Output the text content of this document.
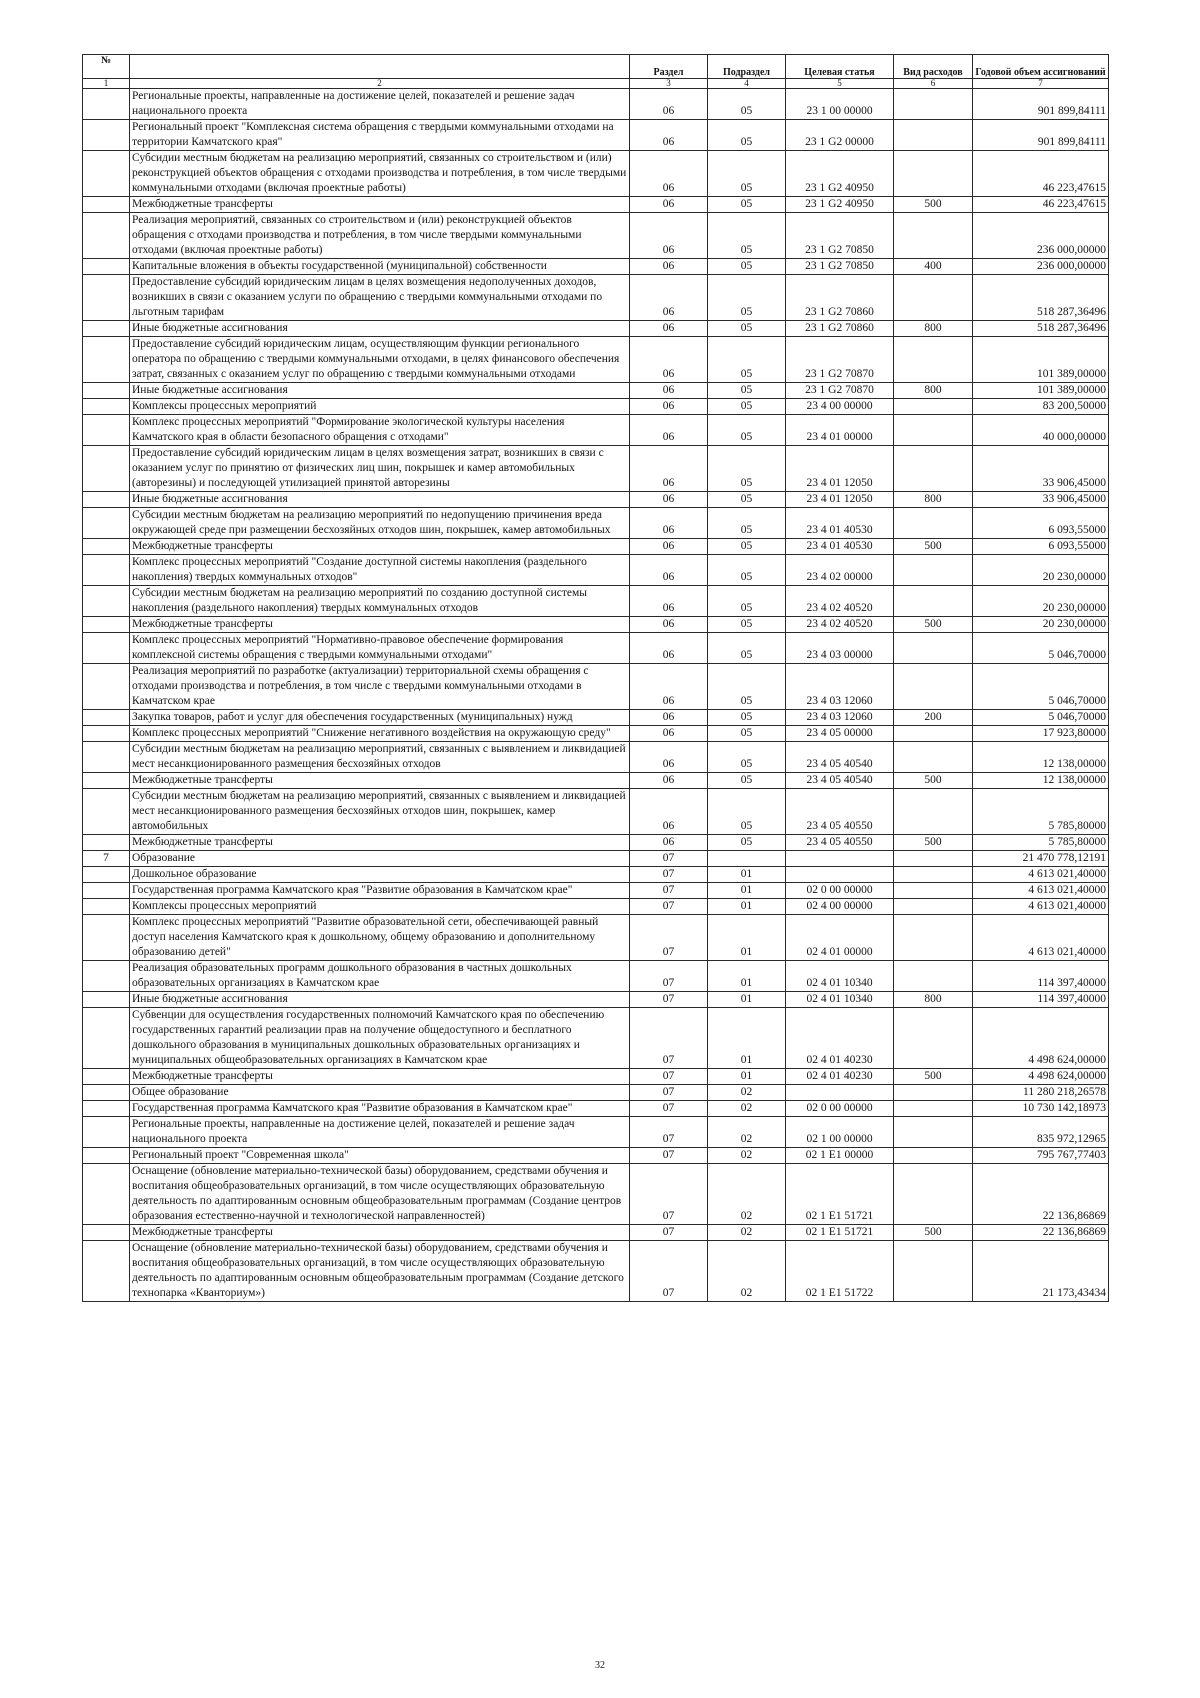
№		Раздел	Подраздел	Целевая статья	Вид расходов	Годовой объем ассигнований
1	2	3	4	5	6	7
	Региональные проекты, направленные на достижение целей, показателей и решение задач национального проекта	06	05	23 1 00 00000		901 899,84111
	Региональный проект "Комплексная система обращения с твердыми коммунальными отходами на территории Камчатского края"	06	05	23 1 G2 00000		901 899,84111
	Субсидии местным бюджетам на реализацию мероприятий, связанных со строительством и (или) реконструкцией объектов обращения с отходами производства и потребления, в том числе твердыми коммунальными отходами (включая проектные работы)	06	05	23 1 G2 40950		46 223,47615
	Межбюджетные трансферты	06	05	23 1 G2 40950	500	46 223,47615
	Реализация мероприятий, связанных со строительством и (или) реконструкцией объектов обращения с отходами производства и потребления, в том числе твердыми коммунальными отходами (включая проектные работы)	06	05	23 1 G2 70850		236 000,00000
	Капитальные вложения в объекты государственной (муниципальной) собственности	06	05	23 1 G2 70850	400	236 000,00000
	Предоставление субсидий юридическим лицам в целях возмещения недополученных доходов, возникших в связи с оказанием услуги по обращению с твердыми коммунальными отходами по льготным тарифам	06	05	23 1 G2 70860		518 287,36496
	Иные бюджетные ассигнования	06	05	23 1 G2 70860	800	518 287,36496
	Предоставление субсидий юридическим лицам, осуществляющим функции регионального оператора по обращению с твердыми коммунальными отходами, в целях финансового обеспечения затрат, связанных с оказанием услуг по обращению с твердыми коммунальными отходами	06	05	23 1 G2 70870		101 389,00000
	Иные бюджетные ассигнования	06	05	23 1 G2 70870	800	101 389,00000
	Комплексы процессных мероприятий	06	05	23 4 00 00000		83 200,50000
	Комплекс процессных мероприятий "Формирование экологической культуры населения Камчатского края в области безопасного обращения с отходами"	06	05	23 4 01 00000		40 000,00000
	Предоставление субсидий юридическим лицам в целях возмещения затрат, возникших в связи с оказанием услуг по принятию от физических лиц шин, покрышек и камер автомобильных (авторезины) и последующей утилизацией принятой авторезины	06	05	23 4 01 12050		33 906,45000
	Иные бюджетные ассигнования	06	05	23 4 01 12050	800	33 906,45000
	Субсидии местным бюджетам на реализацию мероприятий по недопущению причинения вреда окружающей среде при размещении бесхозяйных отходов шин, покрышек, камер автомобильных	06	05	23 4 01 40530		6 093,55000
	Межбюджетные трансферты	06	05	23 4 01 40530	500	6 093,55000
	Комплекс процессных мероприятий "Создание доступной системы накопления (раздельного накопления) твердых коммунальных отходов"	06	05	23 4 02 00000		20 230,00000
	Субсидии местным бюджетам на реализацию мероприятий по созданию доступной системы накопления (раздельного накопления) твердых коммунальных отходов	06	05	23 4 02 40520		20 230,00000
	Межбюджетные трансферты	06	05	23 4 02 40520	500	20 230,00000
	Комплекс процессных мероприятий "Нормативно-правовое обеспечение формирования комплексной системы обращения с твердыми коммунальными отходами"	06	05	23 4 03 00000		5 046,70000
	Реализация мероприятий по разработке (актуализации) территориальной схемы обращения с отходами производства и потребления, в том числе с твердыми коммунальными отходами в Камчатском крае	06	05	23 4 03 12060		5 046,70000
	Закупка товаров, работ и услуг для обеспечения государственных (муниципальных) нужд	06	05	23 4 03 12060	200	5 046,70000
	Комплекс процессных мероприятий "Снижение негативного воздействия на окружающую среду"	06	05	23 4 05 00000		17 923,80000
	Субсидии местным бюджетам на реализацию мероприятий, связанных с выявлением и ликвидацией мест несанкционированного размещения бесхозяйных отходов	06	05	23 4 05 40540		12 138,00000
	Межбюджетные трансферты	06	05	23 4 05 40540	500	12 138,00000
	Субсидии местным бюджетам на реализацию мероприятий, связанных с выявлением и ликвидацией мест несанкционированного размещения бесхозяйных отходов шин, покрышек, камер автомобильных	06	05	23 4 05 40550		5 785,80000
	Межбюджетные трансферты	06	05	23 4 05 40550	500	5 785,80000
7	Образование	07				21 470 778,12191
	Дошкольное образование	07	01			4 613 021,40000
	Государственная программа Камчатского края "Развитие образования в Камчатском крае"	07	01	02 0 00 00000		4 613 021,40000
	Комплексы процессных мероприятий	07	01	02 4 00 00000		4 613 021,40000
	Комплекс процессных мероприятий "Развитие образовательной сети, обеспечивающей равный доступ населения Камчатского края к дошкольному, общему образованию и дополнительному образованию детей"	07	01	02 4 01 00000		4 613 021,40000
	Реализация образовательных программ дошкольного образования в частных дошкольных образовательных организациях в Камчатском крае	07	01	02 4 01 10340		114 397,40000
	Иные бюджетные ассигнования	07	01	02 4 01 10340	800	114 397,40000
	Субвенции для осуществления государственных полномочий Камчатского края по обеспечению государственных гарантий реализации прав на получение общедоступного и бесплатного дошкольного образования в муниципальных дошкольных образовательных организациях и муниципальных общеобразовательных организациях в Камчатском крае	07	01	02 4 01 40230		4 498 624,00000
	Межбюджетные трансферты	07	01	02 4 01 40230	500	4 498 624,00000
	Общее образование	07	02			11 280 218,26578
	Государственная программа Камчатского края "Развитие образования в Камчатском крае"	07	02	02 0 00 00000		10 730 142,18973
	Региональные проекты, направленные на достижение целей, показателей и решение задач национального проекта	07	02	02 1 00 00000		835 972,12965
	Региональный проект "Современная школа"	07	02	02 1 E1 00000		795 767,77403
	Оснащение (обновление материально-технической базы) оборудованием, средствами обучения и воспитания общеобразовательных организаций, в том числе осуществляющих образовательную деятельность по адаптированным основным общеобразовательным программам (Создание центров образования естественно-научной и технологической направленностей)	07	02	02 1 E1 51721		22 136,86869
	Межбюджетные трансферты	07	02	02 1 E1 51721	500	22 136,86869
	Оснащение (обновление материально-технической базы) оборудованием, средствами обучения и воспитания общеобразовательных организаций, в том числе осуществляющих образовательную деятельность по адаптированным основным общеобразовательным программам (Создание детского технопарка «Кванториум»)	07	02	02 1 E1 51722		21 173,43434
32
